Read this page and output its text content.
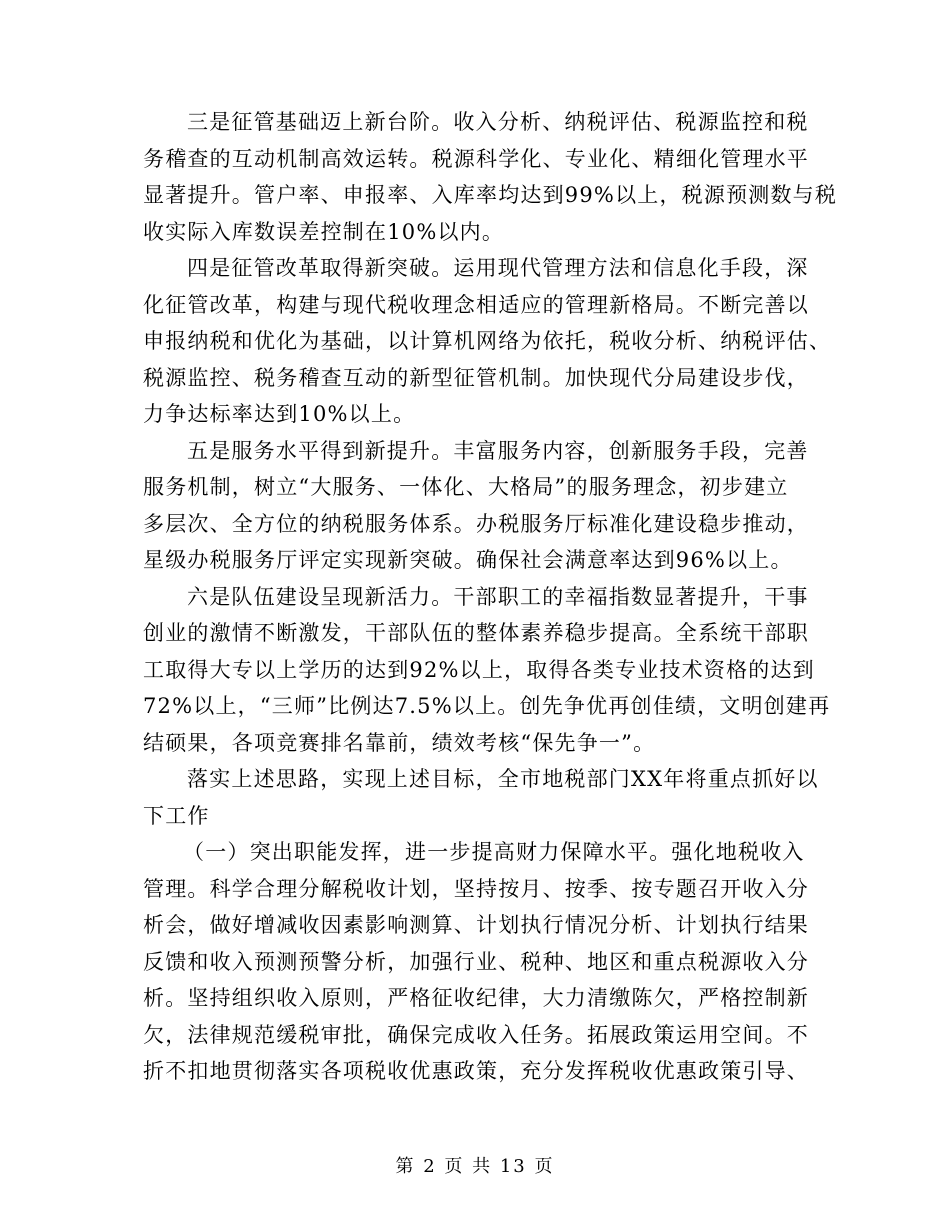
三是征管基础迈上新台阶。收入分析、纳税评估、税源监控和税
务稽查的互动机制高效运转。税源科学化、专业化、精细化管理水平
显著提升。管户率、申报率、入库率均达到99%以上，税源预测数与税
收实际入库数误差控制在10%以内。
四是征管改革取得新突破。运用现代管理方法和信息化手段，深
化征管改革，构建与现代税收理念相适应的管理新格局。不断完善以
申报纳税和优化为基础，以计算机网络为依托，税收分析、纳税评估、
税源监控、税务稽查互动的新型征管机制。加快现代分局建设步伐，
力争达标率达到10%以上。
五是服务水平得到新提升。丰富服务内容，创新服务手段，完善
服务机制，树立“大服务、一体化、大格局”的服务理念，初步建立
多层次、全方位的纳税服务体系。办税服务厅标准化建设稳步推动，
星级办税服务厅评定实现新突破。确保社会满意率达到96%以上。
六是队伍建设呈现新活力。干部职工的幸福指数显著提升，干事
创业的激情不断激发，干部队伍的整体素养稳步提高。全系统干部职
工取得大专以上学历的达到92%以上，取得各类专业技术资格的达到
72%以上，“三师”比例达7.5%以上。创先争优再创佳绩，文明创建再
结硕果，各项竞赛排名靠前，绩效考核“保先争一”。
落实上述思路，实现上述目标，全市地税部门XX年将重点抓好以
下工作
（一）突出职能发挥，进一步提高财力保障水平。强化地税收入
管理。科学合理分解税收计划，坚持按月、按季、按专题召开收入分
析会，做好增减收因素影响测算、计划执行情况分析、计划执行结果
反馈和收入预测预警分析，加强行业、税种、地区和重点税源收入分
析。坚持组织收入原则，严格征收纪律，大力清缴陈欠，严格控制新
欠，法律规范缓税审批，确保完成收入任务。拓展政策运用空间。不
折不扣地贯彻落实各项税收优惠政策，充分发挥税收优惠政策引导、
第 2 页 共 13 页
